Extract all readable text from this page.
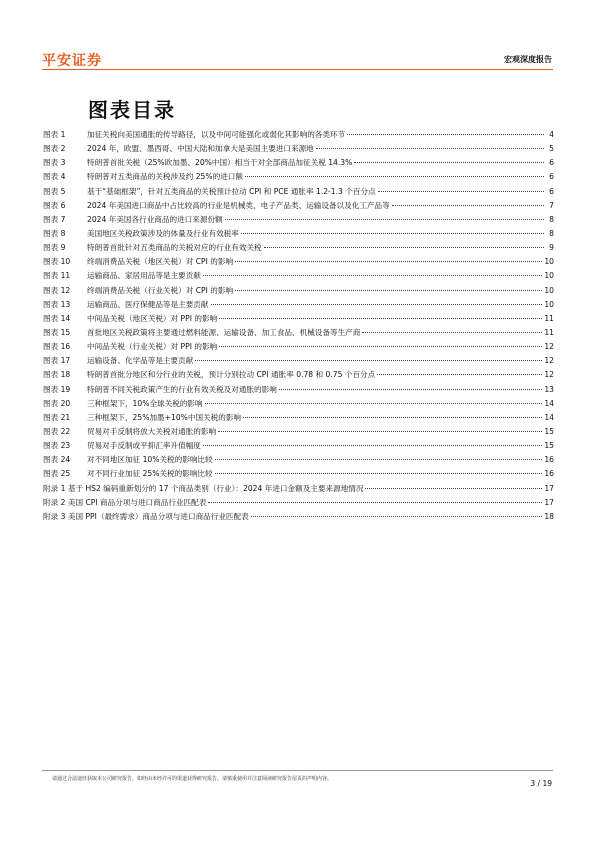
平安证券	宏观深度报告
图表目录
图表 1	加征关税向美国通胀的传导路径，以及中间可能强化或弱化其影响的各类环节	4
图表 2	2024 年，欧盟、墨西哥、中国大陆和加拿大是美国主要进口来源地	5
图表 3	特朗普首批关税（25%欧加墨、20%中国）相当于对全部商品加征关税 14.3%	6
图表 4	特朗普对五类商品的关税涉及约 25%的进口额	6
图表 5	基于“基础框架”，针对五类商品的关税预计拉动 CPI 和 PCE 通胀率 1.2-1.3 个百分点	6
图表 6	2024 年美国进口商品中占比较高的行业是机械类、电子产品类、运输设备以及化工产品等	7
图表 7	2024 年美国各行业商品的进口来源份额	8
图表 8	美国地区关税政策涉及的体量及行业有效税率	8
图表 9	特朗普首批针对五类商品的关税对应的行业有效关税	9
图表 10	终端消费品关税（地区关税）对 CPI 的影响	10
图表 11	运输商品、家居用品等是主要贡献	10
图表 12	终端消费品关税（行业关税）对 CPI 的影响	10
图表 13	运输商品、医疗保健品等是主要贡献	10
图表 14	中间品关税（地区关税）对 PPI 的影响	11
图表 15	首批地区关税政策将主要通过燃料能源、运输设备、加工食品、机械设备等生产商	11
图表 16	中间品关税（行业关税）对 PPI 的影响	12
图表 17	运输设备、化学品等是主要贡献	12
图表 18	特朗普首批分地区和分行业的关税，预计分别拉动 CPI 通胀率 0.78 和 0.75 个百分点	12
图表 19	特朗普不同关税政策产生的行业有效关税及对通胀的影响	13
图表 20	三种框架下，10%全球关税的影响	14
图表 21	三种框架下，25%加墨+10%中国关税的影响	14
图表 22	贸易对手反制将放大关税对通胀的影响	15
图表 23	贸易对手反制或平抑汇率升值幅度	15
图表 24	对不同地区加征 10%关税的影响比较	16
图表 25	对不同行业加征 25%关税的影响比较	16
附录 1 基于 HS2 编码重新划分的 17 个商品类别（行业）：2024 年进口金额及主要来源地情况	17
附录 2 美国 CPI 商品分项与进口商品行业匹配表	17
附录 3 美国 PPI（最终需求）商品分项与进口商品行业匹配表	18
请通过合法途径获取本公司研究报告，如经由未经许可的渠道获得研究报告，请慎重使用并注意阅读研究报告尾页的声明内容。	3 / 19
